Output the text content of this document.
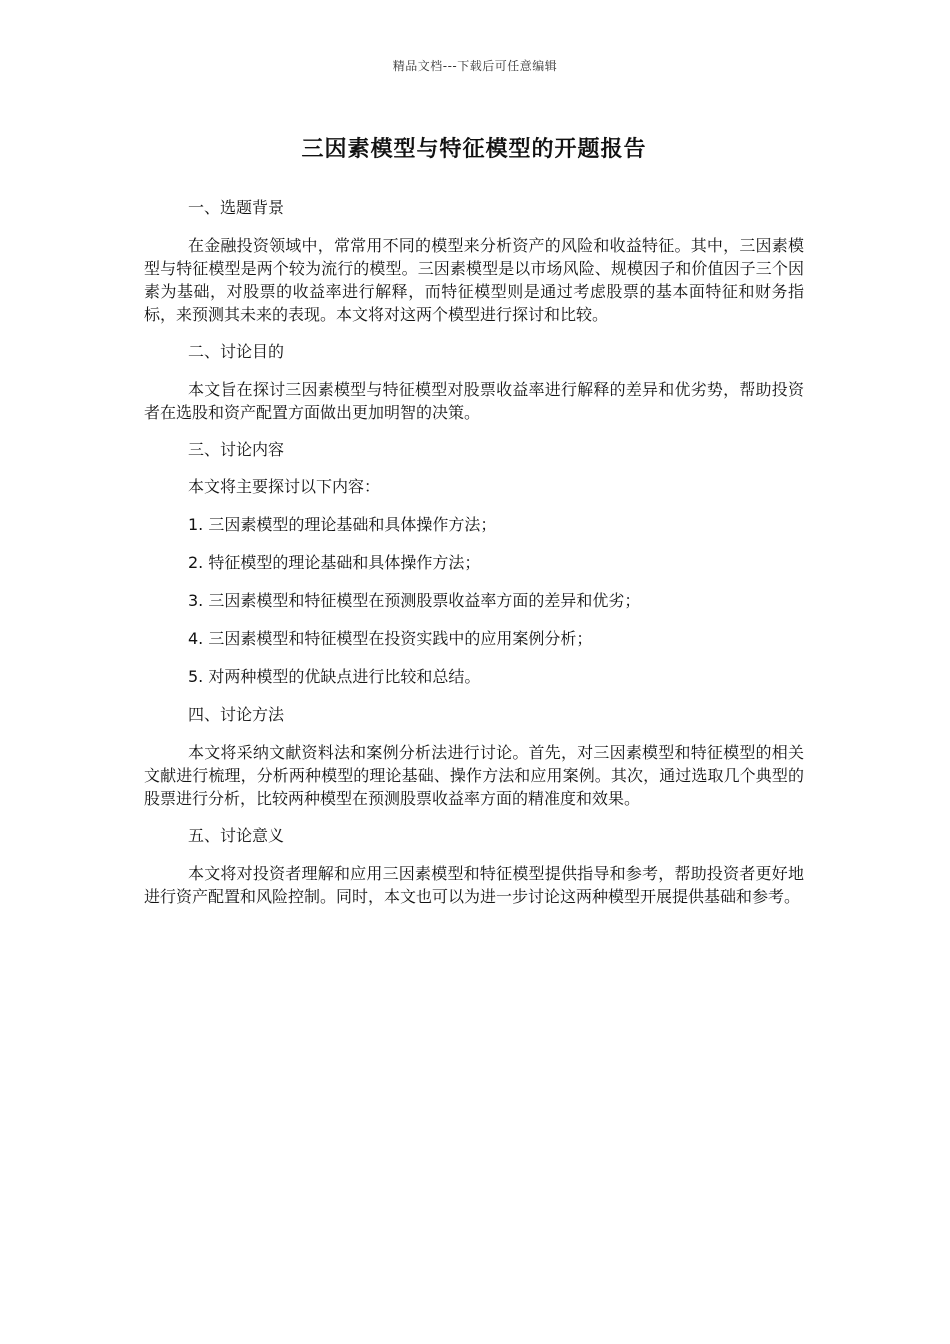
精品文档---下载后可任意编辑
三因素模型与特征模型的开题报告
一、选题背景
在金融投资领域中，常常用不同的模型来分析资产的风险和收益特征。其中，三因素模型与特征模型是两个较为流行的模型。三因素模型是以市场风险、规模因子和价值因子三个因素为基础，对股票的收益率进行解释，而特征模型则是通过考虑股票的基本面特征和财务指标，来预测其未来的表现。本文将对这两个模型进行探讨和比较。
二、讨论目的
本文旨在探讨三因素模型与特征模型对股票收益率进行解释的差异和优劣势，帮助投资者在选股和资产配置方面做出更加明智的决策。
三、讨论内容
本文将主要探讨以下内容：
1. 三因素模型的理论基础和具体操作方法；
2. 特征模型的理论基础和具体操作方法；
3. 三因素模型和特征模型在预测股票收益率方面的差异和优劣；
4. 三因素模型和特征模型在投资实践中的应用案例分析；
5. 对两种模型的优缺点进行比较和总结。
四、讨论方法
本文将采纳文献资料法和案例分析法进行讨论。首先，对三因素模型和特征模型的相关文献进行梳理，分析两种模型的理论基础、操作方法和应用案例。其次，通过选取几个典型的股票进行分析，比较两种模型在预测股票收益率方面的精准度和效果。
五、讨论意义
本文将对投资者理解和应用三因素模型和特征模型提供指导和参考，帮助投资者更好地进行资产配置和风险控制。同时，本文也可以为进一步讨论这两种模型开展提供基础和参考。
